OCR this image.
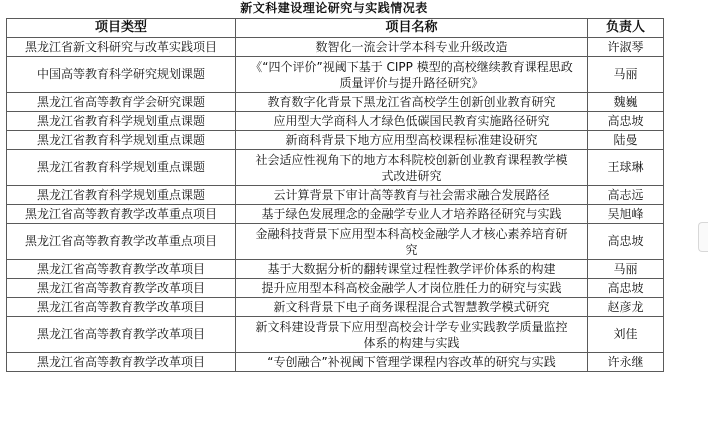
新文科建设理论研究与实践情况表
项目类型	项目名称	负责人
黑龙江省新文科研究与改革实践项目	数智化一流会计学本科专业升级改造	许淑琴
中国高等教育科学研究规划课题	《“四个评价”视阈下基于 CIPP 模型的高校继续教育课程思政质量评价与提升路径研究》	马丽
黑龙江省高等教育学会研究课题	教育数字化背景下黑龙江省高校学生创新创业教育研究	魏巍
黑龙江省教育科学规划重点课题	应用型大学商科人才绿色低碳国民教育实施路径研究	高忠坡
黑龙江省教育科学规划重点课题	新商科背景下地方应用型高校课程标准建设研究	陆曼
黑龙江省教育科学规划重点课题	社会适应性视角下的地方本科院校创新创业教育课程教学模式改进研究	王球琳
黑龙江省教育科学规划重点课题	云计算背景下审计高等教育与社会需求融合发展路径	高志远
黑龙江省高等教育教学改革重点项目	基于绿色发展理念的金融学专业人才培养路径研究与实践	吴旭峰
黑龙江省高等教育教学改革重点项目	金融科技背景下应用型本科高校金融学人才核心素养培育研究	高忠坡
黑龙江省高等教育教学改革项目	基于大数据分析的翻转课堂过程性教学评价体系的构建	马丽
黑龙江省高等教育教学改革项目	提升应用型本科高校金融学人才岗位胜任力的研究与实践	高忠坡
黑龙江省高等教育教学改革项目	新文科背景下电子商务课程混合式智慧教学模式研究	赵彦龙
黑龙江省高等教育教学改革项目	新文科建设背景下应用型高校会计学专业实践教学质量监控体系的构建与实践	刘佳
黑龙江省高等教育教学改革项目	“专创融合”补视阈下管理学课程内容改革的研究与实践	许永继
